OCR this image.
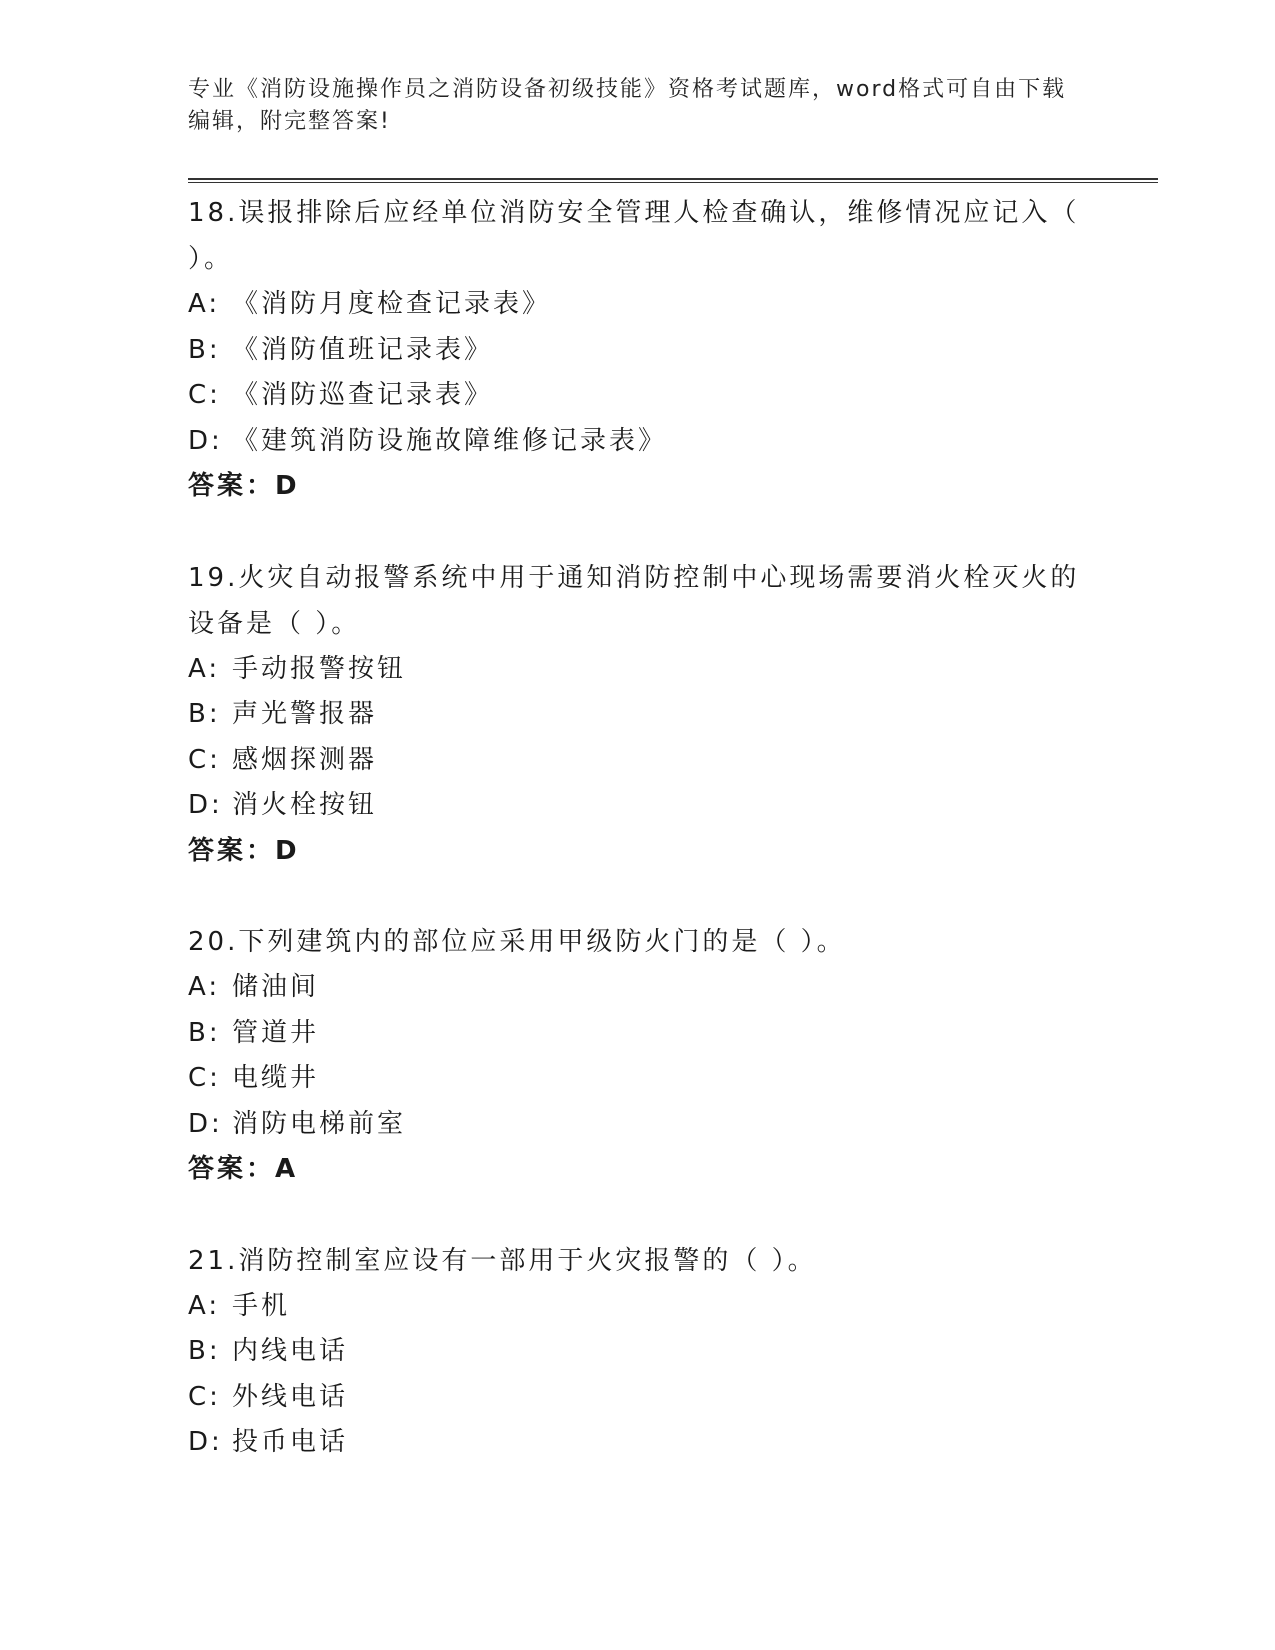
专业《消防设施操作员之消防设备初级技能》资格考试题库，word格式可自由下载编辑，附完整答案!

18.误报排除后应经单位消防安全管理人检查确认，维修情况应记入（ ）。

A: 《消防月度检查记录表》

B: 《消防值班记录表》

C: 《消防巡查记录表》

D: 《建筑消防设施故障维修记录表》

答案：D

19.火灾自动报警系统中用于通知消防控制中心现场需要消火栓灭火的设备是（ ）。

A: 手动报警按钮

B: 声光警报器

C: 感烟探测器

D: 消火栓按钮

答案：D

20.下列建筑内的部位应采用甲级防火门的是（ ）。

A: 储油间

B: 管道井

C: 电缆井

D: 消防电梯前室

答案：A

21.消防控制室应设有一部用于火灾报警的（ ）。

A: 手机

B: 内线电话

C: 外线电话

D: 投币电话
